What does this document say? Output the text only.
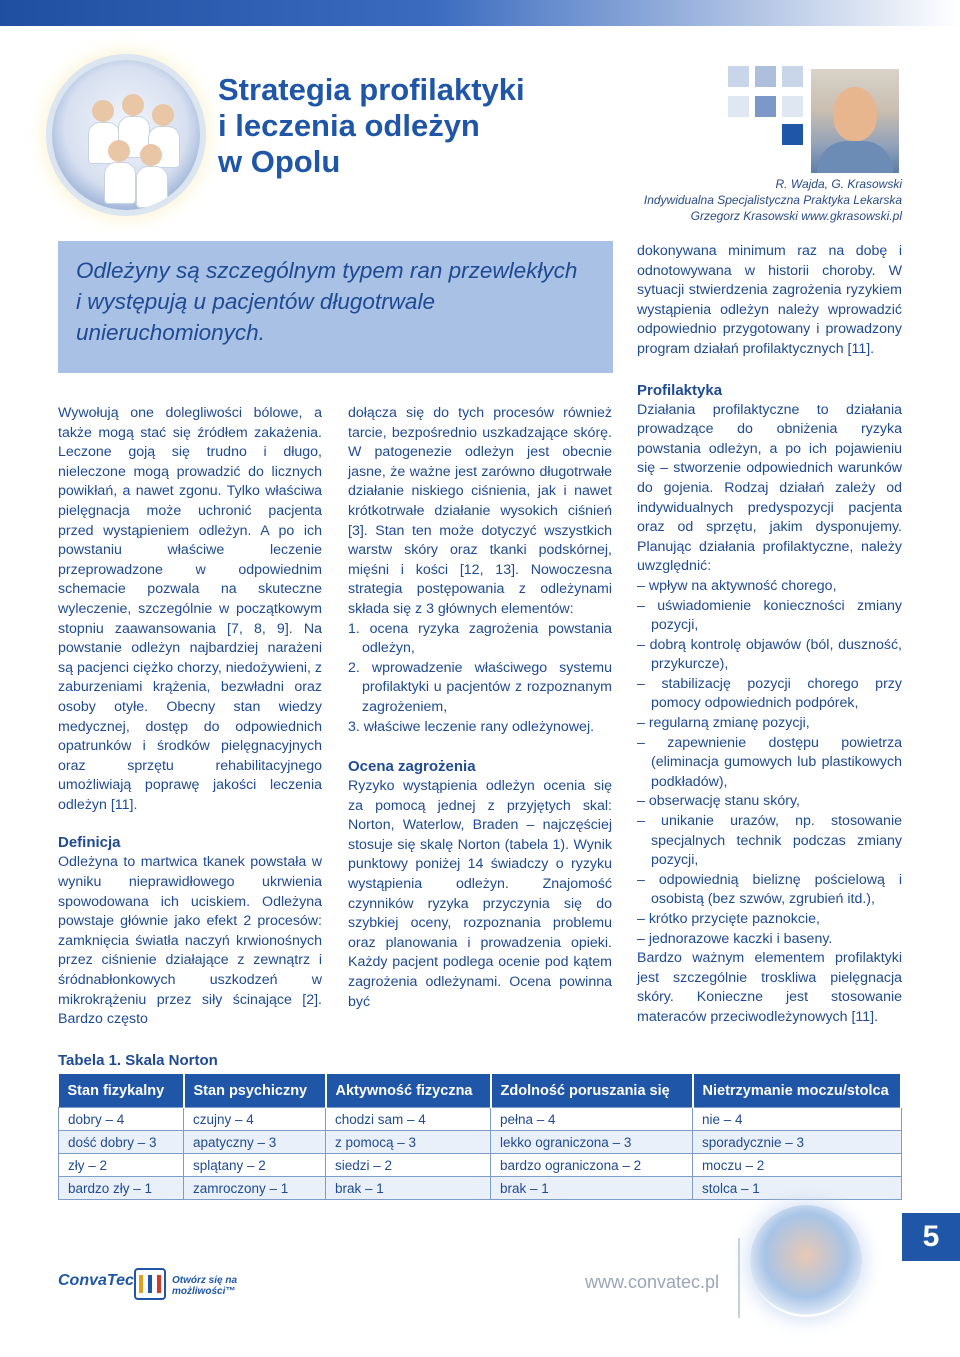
Strategia profilaktyki
i leczenia odleżyn
w Opolu
R. Wajda, G. Krasowski
Indywidualna Specjalistyczna Praktyka Lekarska
Grzegorz Krasowski www.gkrasowski.pl
Odleżyny są szczególnym typem ran przewlekłych i występują u pacjentów długotrwale unieruchomionych.

Wywołują one dolegliwości bólowe, a także mogą stać się źródłem zakażenia. Leczone goją się trudno i długo, nieleczone mogą prowadzić do licznych powikłań, a nawet zgonu. Tylko właściwa pielęgnacja może uchronić pacjenta przed wystąpieniem odleżyn. A po ich powstaniu właściwe leczenie przeprowadzone w odpowiednim schemacie pozwala na skuteczne wyleczenie, szczególnie w początkowym stopniu zaawansowania [7, 8, 9]. Na powstanie odleżyn najbardziej narażeni są pacjenci ciężko chorzy, niedożywieni, z zaburzeniami krążenia, bezwładni oraz osoby otyłe. Obecny stan wiedzy medycznej, dostęp do odpowiednich opatrunków i środków pielęgnacyjnych oraz sprzętu rehabilitacyjnego umożliwiają poprawę jakości leczenia odleżyn [11].

Definicja

Odleżyna to martwica tkanek powstała w wyniku nieprawidłowego ukrwienia spowodowana ich uciskiem. Odleżyna powstaje głównie jako efekt 2 procesów: zamknięcia światła naczyń krwionośnych przez ciśnienie działające z zewnątrz i śródnabłonkowych uszkodzeń w mikrokrążeniu przez siły ścinające [2]. Bardzo często

dołącza się do tych procesów również tarcie, bezpośrednio uszkadzające skórę. W patogenezie odleżyn jest obecnie jasne, że ważne jest zarówno długotrwałe działanie niskiego ciśnienia, jak i nawet krótkotrwałe działanie wysokich ciśnień [3]. Stan ten może dotyczyć wszystkich warstw skóry oraz tkanki podskórnej, mięśni i kości [12, 13]. Nowoczesna strategia postępowania z odleżynami składa się z 3 głównych elementów:

1. ocena ryzyka zagrożenia powstania odleżyn,
2. wprowadzenie właściwego systemu profilaktyki u pacjentów z rozpoznanym zagrożeniem,
3. właściwe leczenie rany odleżynowej.
Ocena zagrożenia

Ryzyko wystąpienia odleżyn ocenia się za pomocą jednej z przyjętych skal: Norton, Waterlow, Braden – najczęściej stosuje się skalę Norton (tabela 1). Wynik punktowy poniżej 14 świadczy o ryzyku wystąpienia odleżyn. Znajomość czynników ryzyka przyczynia się do szybkiej oceny, rozpoznania problemu oraz planowania i prowadzenia opieki. Każdy pacjent podlega ocenie pod kątem zagrożenia odleżynami. Ocena powinna być

dokonywana minimum raz na dobę i odnotowywana w historii choroby. W sytuacji stwierdzenia zagrożenia ryzykiem wystąpienia odleżyn należy wprowadzić odpowiednio przygotowany i prowadzony program działań profilaktycznych [11].

Profilaktyka

Działania profilaktyczne to działania prowadzące do obniżenia ryzyka powstania odleżyn, a po ich pojawieniu się – stworzenie odpowiednich warunków do gojenia. Rodzaj działań zależy od indywidualnych predyspozycji pacjenta oraz od sprzętu, jakim dysponujemy. Planując działania profilaktyczne, należy uwzględnić:

– wpływ na aktywność chorego,
– uświadomienie konieczności zmiany pozycji,
– dobrą kontrolę objawów (ból, duszność, przykurcze),
– stabilizację pozycji chorego przy pomocy odpowiednich podpórek,
– regularną zmianę pozycji,
– zapewnienie dostępu powietrza (eliminacja gumowych lub plastikowych podkładów),
– obserwację stanu skóry,
– unikanie urazów, np. stosowanie specjalnych technik podczas zmiany pozycji,
– odpowiednią bieliznę pościelową i osobistą (bez szwów, zgrubień itd.),
– krótko przycięte paznokcie,
– jednorazowe kaczki i baseny.

Bardzo ważnym elementem profilaktyki jest szczególnie troskliwa pielęgnacja skóry. Konieczne jest stosowanie materaców przeciwodleżynowych [11].

Tabela 1. Skala Norton

Stan fizykalny	Stan psychiczny	Aktywność fizyczna	Zdolność poruszania się	Nietrzymanie moczu/stolca
dobry – 4	czujny – 4	chodzi sam – 4	pełna – 4	nie – 4
dość dobry – 3	apatyczny – 3	z pomocą – 3	lekko ograniczona – 3	sporadycznie – 3
zły – 2	splątany – 2	siedzi – 2	bardzo ograniczona – 2	moczu – 2
bardzo zły – 1	zamroczony – 1	brak – 1	brak – 1	stolca – 1
ConvaTec	Otwórz się na możliwości™	www.convatec.pl
5
